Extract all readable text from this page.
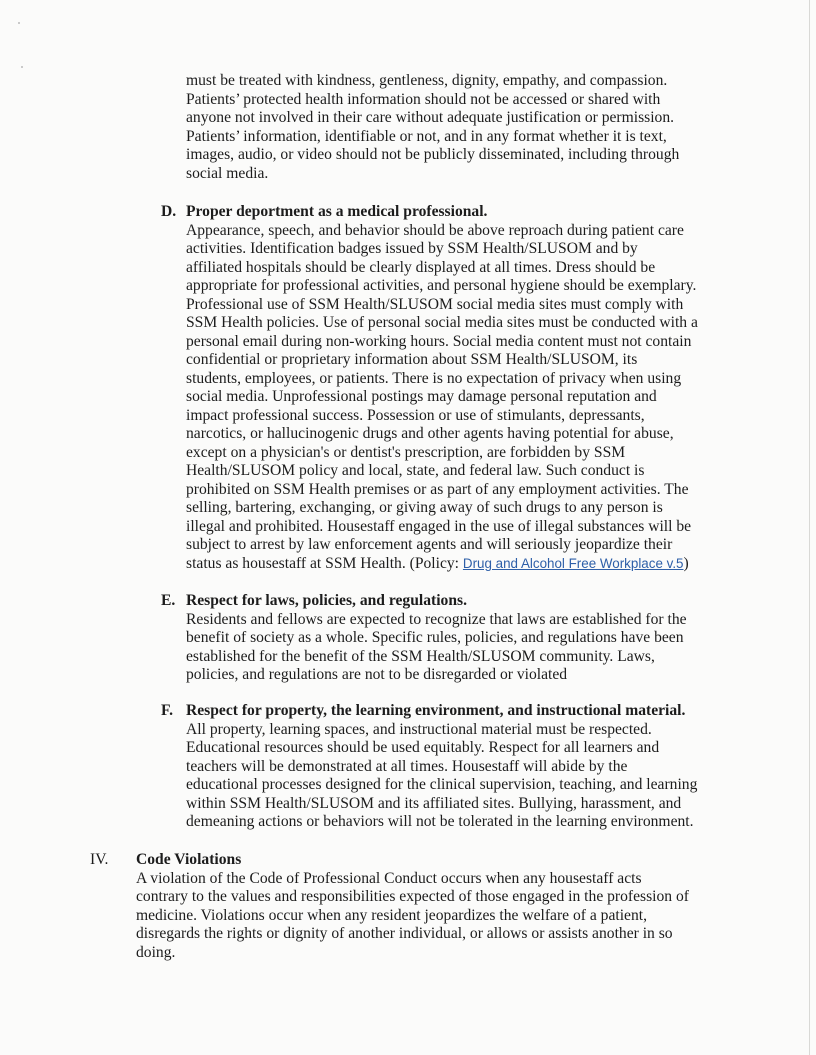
must be treated with kindness, gentleness, dignity, empathy, and compassion.
Patients’ protected health information should not be accessed or shared with
anyone not involved in their care without adequate justification or permission.
Patients’ information, identifiable or not, and in any format whether it is text,
images, audio, or video should not be publicly disseminated, including through
social media.
D. Proper deportment as a medical professional.
Appearance, speech, and behavior should be above reproach during patient care
activities. Identification badges issued by SSM Health/SLUSOM and by
affiliated hospitals should be clearly displayed at all times. Dress should be
appropriate for professional activities, and personal hygiene should be exemplary.
Professional use of SSM Health/SLUSOM social media sites must comply with
SSM Health policies. Use of personal social media sites must be conducted with a
personal email during non-working hours. Social media content must not contain
confidential or proprietary information about SSM Health/SLUSOM, its
students, employees, or patients. There is no expectation of privacy when using
social media. Unprofessional postings may damage personal reputation and
impact professional success. Possession or use of stimulants, depressants,
narcotics, or hallucinogenic drugs and other agents having potential for abuse,
except on a physician's or dentist's prescription, are forbidden by SSM
Health/SLUSOM policy and local, state, and federal law. Such conduct is
prohibited on SSM Health premises or as part of any employment activities. The
selling, bartering, exchanging, or giving away of such drugs to any person is
illegal and prohibited. Housestaff engaged in the use of illegal substances will be
subject to arrest by law enforcement agents and will seriously jeopardize their
status as housestaff at SSM Health. (Policy: Drug and Alcohol Free Workplace v.5)
E. Respect for laws, policies, and regulations.
Residents and fellows are expected to recognize that laws are established for the
benefit of society as a whole. Specific rules, policies, and regulations have been
established for the benefit of the SSM Health/SLUSOM community. Laws,
policies, and regulations are not to be disregarded or violated
F. Respect for property, the learning environment, and instructional material.
All property, learning spaces, and instructional material must be respected.
Educational resources should be used equitably. Respect for all learners and
teachers will be demonstrated at all times. Housestaff will abide by the
educational processes designed for the clinical supervision, teaching, and learning
within SSM Health/SLUSOM and its affiliated sites. Bullying, harassment, and
demeaning actions or behaviors will not be tolerated in the learning environment.
IV. Code Violations
A violation of the Code of Professional Conduct occurs when any housestaff acts
contrary to the values and responsibilities expected of those engaged in the profession of
medicine. Violations occur when any resident jeopardizes the welfare of a patient,
disregards the rights or dignity of another individual, or allows or assists another in so
doing.
